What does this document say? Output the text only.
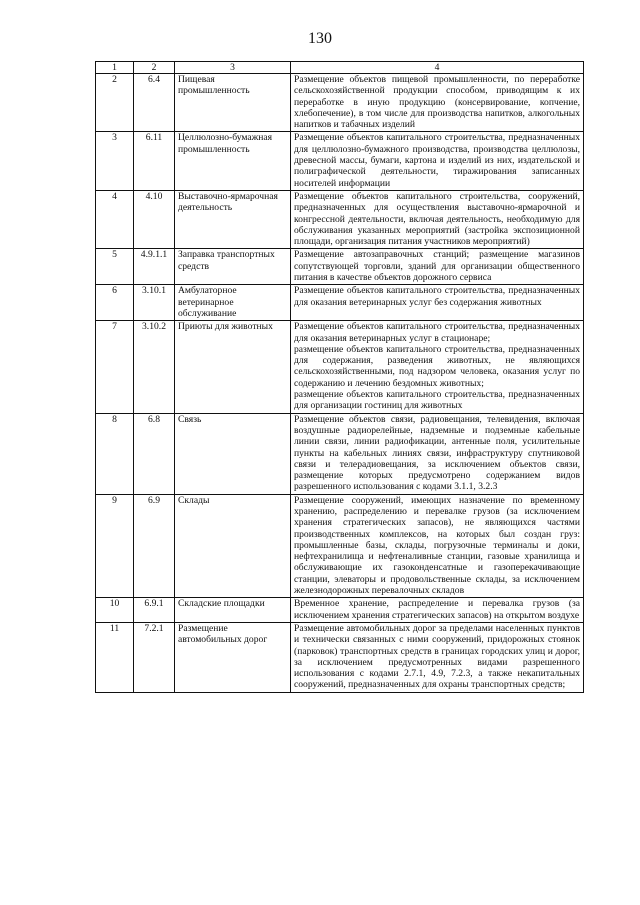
130
1	2	3	4
2	6.4	Пищевая промышленность	Размещение объектов пищевой промышленности, по переработке сельскохозяйственной продукции способом, приводящим к их переработке в иную продукцию (консервирование, копчение, хлебопечение), в том числе для производства напитков, алкогольных напитков и табачных изделий

3	6.11	Целлюлозно-бумажная промышленность	Размещение объектов капитального строительства, предназначенных для целлюлозно-бумажного производства, производства целлюлозы, древесной массы, бумаги, картона и изделий из них, издательской и полиграфической деятельности, тиражирования записанных носителей информации

4	4.10	Выставочно-ярмарочная деятельность	Размещение объектов капитального строительства, сооружений, предназначенных для осуществления выставочно-ярмарочной и конгрессной деятельности, включая деятельность, необходимую для обслуживания указанных мероприятий (застройка экспозиционной площади, организация питания участников мероприятий)

5	4.9.1.1	Заправка транспортных средств	Размещение автозаправочных станций; размещение магазинов сопутствующей торговли, зданий для организации общественного питания в качестве объектов дорожного сервиса

6	3.10.1	Амбулаторное ветеринарное обслуживание	Размещение объектов капитального строительства, предназначенных для оказания ветеринарных услуг без содержания животных

7	3.10.2	Приюты для животных	Размещение объектов капитального строительства, предназначенных для оказания ветеринарных услуг в стационаре;
размещение объектов капитального строительства, предназначенных для содержания, разведения животных, не являющихся сельскохозяйственными, под надзором человека, оказания услуг по содержанию и лечению бездомных животных;
размещение объектов капитального строительства, предназначенных для организации гостиниц для животных

8	6.8	Связь	Размещение объектов связи, радиовещания, телевидения, включая воздушные радиорелейные, надземные и подземные кабельные линии связи, линии радиофикации, антенные поля, усилительные пункты на кабельных линиях связи, инфраструктуру спутниковой связи и телерадиовещания, за исключением объектов связи, размещение которых предусмотрено содержанием видов разрешенного использования с кодами 3.1.1, 3.2.3

9	6.9	Склады	Размещение сооружений, имеющих назначение по временному хранению, распределению и перевалке грузов (за исключением хранения стратегических запасов), не являющихся частями производственных комплексов, на которых был создан груз: промышленные базы, склады, погрузочные терминалы и доки, нефтехранилища и нефтеналивные станции, газовые хранилища и обслуживающие их газоконденсатные и газоперекачивающие станции, элеваторы и продовольственные склады, за исключением железнодорожных перевалочных складов

10	6.9.1	Складские площадки	Временное хранение, распределение и перевалка грузов (за исключением хранения стратегических запасов) на открытом воздухе

11	7.2.1	Размещение автомобильных дорог	Размещение автомобильных дорог за пределами населенных пунктов и технически связанных с ними сооружений, придорожных стоянок (парковок) транспортных средств в границах городских улиц и дорог, за исключением предусмотренных видами разрешенного использования с кодами 2.7.1, 4.9, 7.2.3, а также некапитальных сооружений, предназначенных для охраны транспортных средств;
